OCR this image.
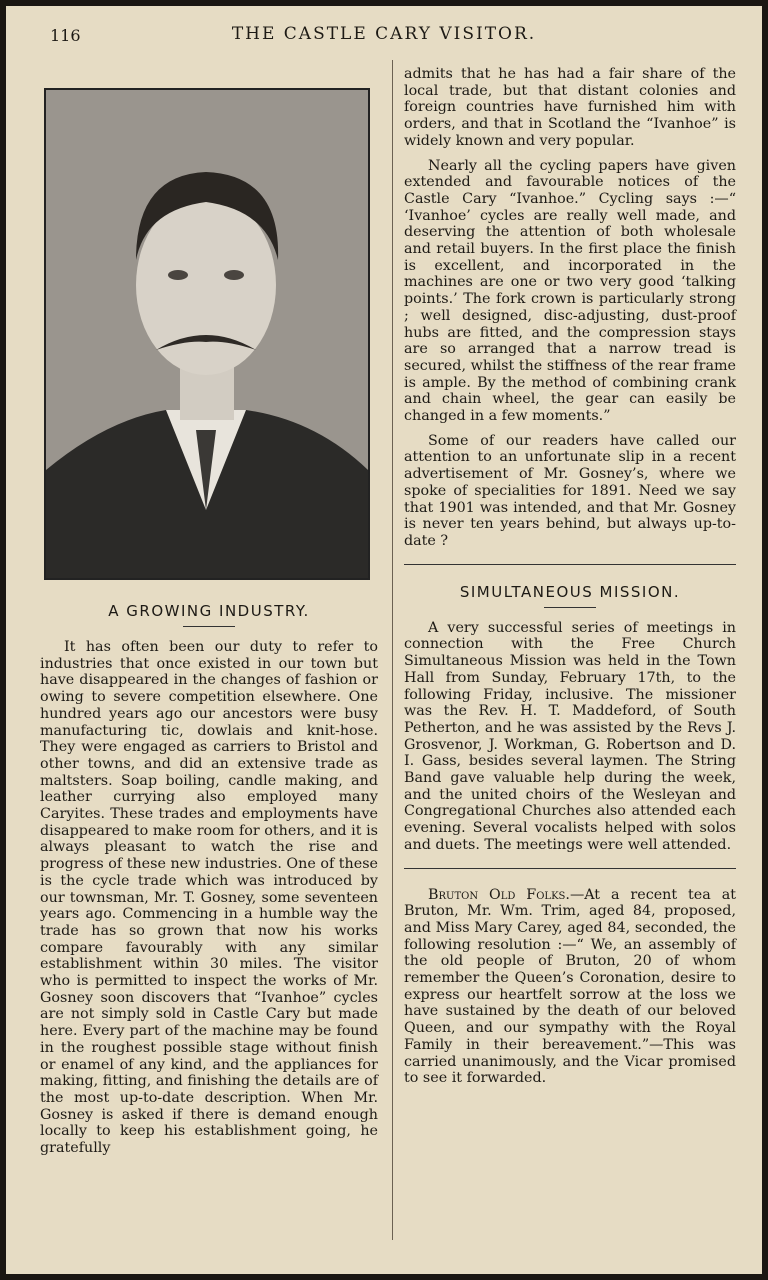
116	THE CASTLE CARY VISITOR.
A GROWING INDUSTRY.

It has often been our duty to refer to industries that once existed in our town but have disappeared in the changes of fashion or owing to severe competition elsewhere. One hundred years ago our ancestors were busy manufacturing tic, dowlais and knit-hose. They were engaged as carriers to Bristol and other towns, and did an extensive trade as maltsters. Soap boiling, candle making, and leather currying also employed many Caryites. These trades and employments have disappeared to make room for others, and it is always pleasant to watch the rise and progress of these new industries. One of these is the cycle trade which was introduced by our townsman, Mr. T. Gosney, some seventeen years ago. Commencing in a humble way the trade has so grown that now his works compare favourably with any similar establishment within 30 miles. The visitor who is permitted to inspect the works of Mr. Gosney soon discovers that “Ivanhoe” cycles are not simply sold in Castle Cary but made here. Every part of the machine may be found in the roughest possible stage without finish or enamel of any kind, and the appliances for making, fitting, and finishing the details are of the most up-to-date description. When Mr. Gosney is asked if there is demand enough locally to keep his establishment going, he gratefully

admits that he has had a fair share of the local trade, but that distant colonies and foreign countries have furnished him with orders, and that in Scotland the “Ivanhoe” is widely known and very popular.

Nearly all the cycling papers have given extended and favourable notices of the Castle Cary “Ivanhoe.” Cycling says :—“ ‘Ivanhoe’ cycles are really well made, and deserving the attention of both wholesale and retail buyers. In the first place the finish is excellent, and incorporated in the machines are one or two very good ‘talking points.’ The fork crown is particularly strong ; well designed, disc-adjusting, dust-proof hubs are fitted, and the compression stays are so arranged that a narrow tread is secured, whilst the stiffness of the rear frame is ample. By the method of combining crank and chain wheel, the gear can easily be changed in a few moments.”

Some of our readers have called our attention to an unfortunate slip in a recent advertisement of Mr. Gosney’s, where we spoke of specialities for 1891. Need we say that 1901 was intended, and that Mr. Gosney is never ten years behind, but always up-to-date ?

SIMULTANEOUS MISSION.

A very successful series of meetings in connection with the Free Church Simultaneous Mission was held in the Town Hall from Sunday, February 17th, to the following Friday, inclusive. The missioner was the Rev. H. T. Maddeford, of South Petherton, and he was assisted by the Revs J. Grosvenor, J. Workman, G. Robertson and D. I. Gass, besides several laymen. The String Band gave valuable help during the week, and the united choirs of the Wesleyan and Congregational Churches also attended each evening. Several vocalists helped with solos and duets. The meetings were well attended.

Bruton Old Folks.—At a recent tea at Bruton, Mr. Wm. Trim, aged 84, proposed, and Miss Mary Carey, aged 84, seconded, the following resolution :—“ We, an assembly of the old people of Bruton, 20 of whom remember the Queen’s Coronation, desire to express our heartfelt sorrow at the loss we have sustained by the death of our beloved Queen, and our sympathy with the Royal Family in their bereavement.”—This was carried unanimously, and the Vicar promised to see it forwarded.
